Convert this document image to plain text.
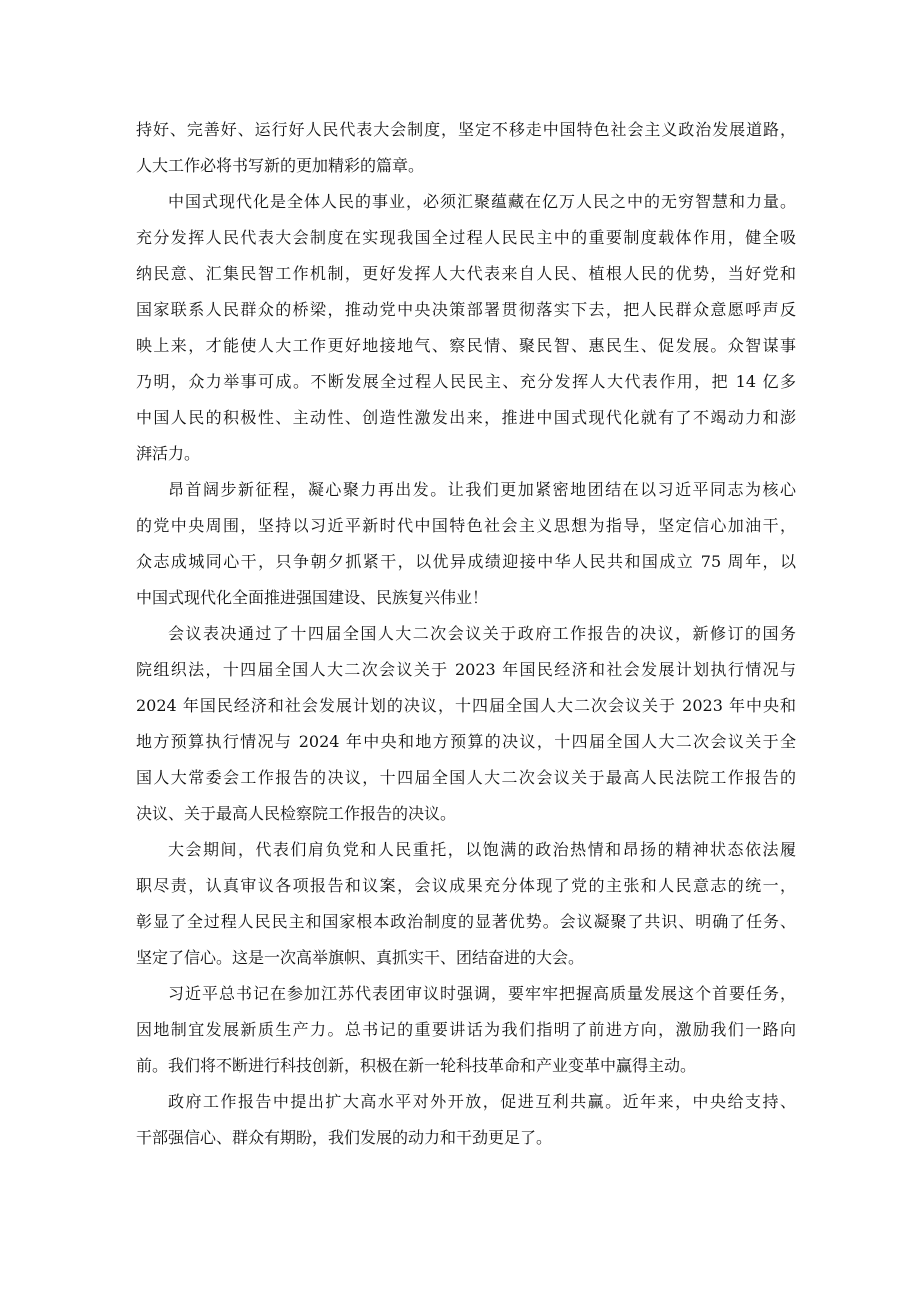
持好、完善好、运行好人民代表大会制度，坚定不移走中国特色社会主义政治发展道路，
人大工作必将书写新的更加精彩的篇章。
中国式现代化是全体人民的事业，必须汇聚蕴藏在亿万人民之中的无穷智慧和力量。
充分发挥人民代表大会制度在实现我国全过程人民民主中的重要制度载体作用，健全吸
纳民意、汇集民智工作机制，更好发挥人大代表来自人民、植根人民的优势，当好党和
国家联系人民群众的桥梁，推动党中央决策部署贯彻落实下去，把人民群众意愿呼声反
映上来，才能使人大工作更好地接地气、察民情、聚民智、惠民生、促发展。众智谋事
乃明，众力举事可成。不断发展全过程人民民主、充分发挥人大代表作用，把 14 亿多
中国人民的积极性、主动性、创造性激发出来，推进中国式现代化就有了不竭动力和澎
湃活力。
昂首阔步新征程，凝心聚力再出发。让我们更加紧密地团结在以习近平同志为核心
的党中央周围，坚持以习近平新时代中国特色社会主义思想为指导，坚定信心加油干，
众志成城同心干，只争朝夕抓紧干，以优异成绩迎接中华人民共和国成立 75 周年，以
中国式现代化全面推进强国建设、民族复兴伟业！
会议表决通过了十四届全国人大二次会议关于政府工作报告的决议，新修订的国务
院组织法，十四届全国人大二次会议关于 2023 年国民经济和社会发展计划执行情况与
2024 年国民经济和社会发展计划的决议，十四届全国人大二次会议关于 2023 年中央和
地方预算执行情况与 2024 年中央和地方预算的决议，十四届全国人大二次会议关于全
国人大常委会工作报告的决议，十四届全国人大二次会议关于最高人民法院工作报告的
决议、关于最高人民检察院工作报告的决议。
大会期间，代表们肩负党和人民重托，以饱满的政治热情和昂扬的精神状态依法履
职尽责，认真审议各项报告和议案，会议成果充分体现了党的主张和人民意志的统一，
彰显了全过程人民民主和国家根本政治制度的显著优势。会议凝聚了共识、明确了任务、
坚定了信心。这是一次高举旗帜、真抓实干、团结奋进的大会。
习近平总书记在参加江苏代表团审议时强调，要牢牢把握高质量发展这个首要任务，
因地制宜发展新质生产力。总书记的重要讲话为我们指明了前进方向，激励我们一路向
前。我们将不断进行科技创新，积极在新一轮科技革命和产业变革中赢得主动。
政府工作报告中提出扩大高水平对外开放，促进互利共赢。近年来，中央给支持、
干部强信心、群众有期盼，我们发展的动力和干劲更足了。
